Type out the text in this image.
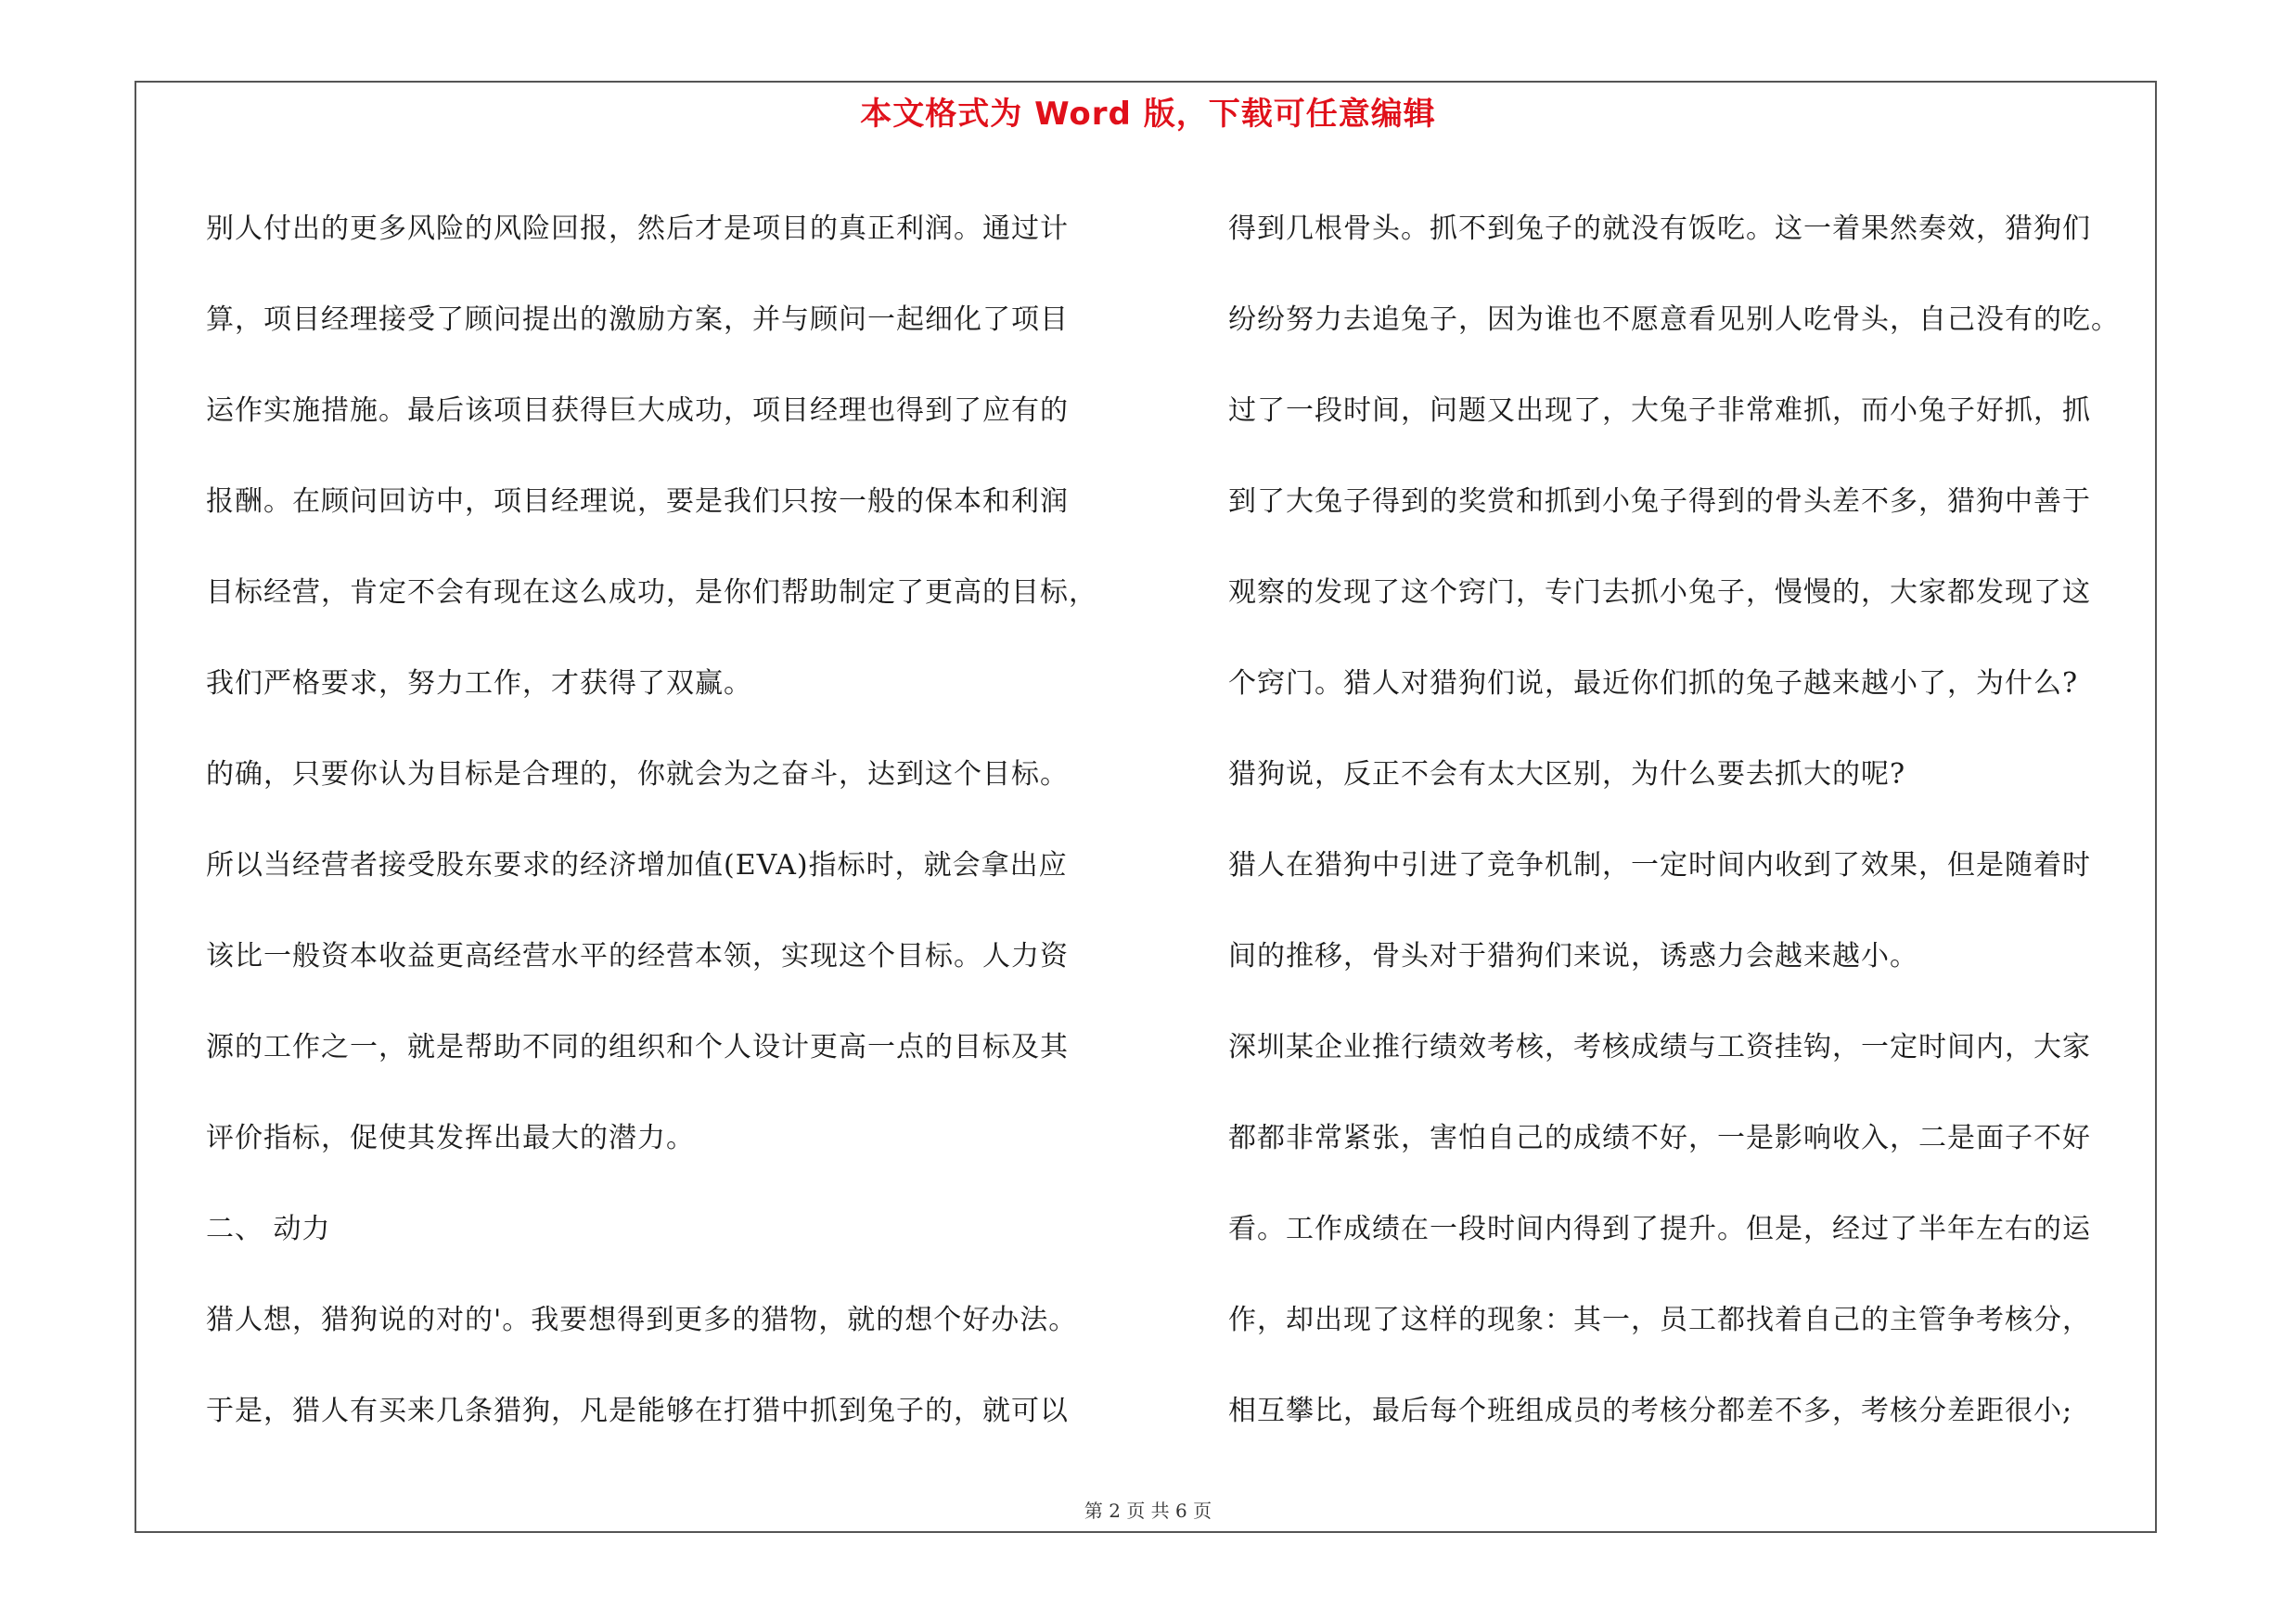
本文格式为 Word 版，下载可任意编辑
别人付出的更多风险的风险回报，然后才是项目的真正利润。通过计
算，项目经理接受了顾问提出的激励方案，并与顾问一起细化了项目
运作实施措施。最后该项目获得巨大成功，项目经理也得到了应有的
报酬。在顾问回访中，项目经理说，要是我们只按一般的保本和利润
目标经营，肯定不会有现在这么成功，是你们帮助制定了更高的目标，
我们严格要求，努力工作，才获得了双赢。
的确，只要你认为目标是合理的，你就会为之奋斗，达到这个目标。
所以当经营者接受股东要求的经济增加值(EVA)指标时，就会拿出应
该比一般资本收益更高经营水平的经营本领，实现这个目标。人力资
源的工作之一，就是帮助不同的组织和个人设计更高一点的目标及其
评价指标，促使其发挥出最大的潜力。
二、 动力
猎人想，猎狗说的对的'。我要想得到更多的猎物，就的想个好办法。
于是，猎人有买来几条猎狗，凡是能够在打猎中抓到兔子的，就可以
得到几根骨头。抓不到兔子的就没有饭吃。这一着果然奏效，猎狗们
纷纷努力去追兔子，因为谁也不愿意看见别人吃骨头，自己没有的吃。
过了一段时间，问题又出现了，大兔子非常难抓，而小兔子好抓，抓
到了大兔子得到的奖赏和抓到小兔子得到的骨头差不多，猎狗中善于
观察的发现了这个窍门，专门去抓小兔子，慢慢的，大家都发现了这
个窍门。猎人对猎狗们说，最近你们抓的兔子越来越小了，为什么?
猎狗说，反正不会有太大区别，为什么要去抓大的呢?
猎人在猎狗中引进了竞争机制，一定时间内收到了效果，但是随着时
间的推移，骨头对于猎狗们来说，诱惑力会越来越小。
深圳某企业推行绩效考核，考核成绩与工资挂钩，一定时间内，大家
都都非常紧张，害怕自己的成绩不好，一是影响收入，二是面子不好
看。工作成绩在一段时间内得到了提升。但是，经过了半年左右的运
作，却出现了这样的现象：其一，员工都找着自己的主管争考核分，
相互攀比，最后每个班组成员的考核分都差不多，考核分差距很小;
第 2 页 共 6 页
